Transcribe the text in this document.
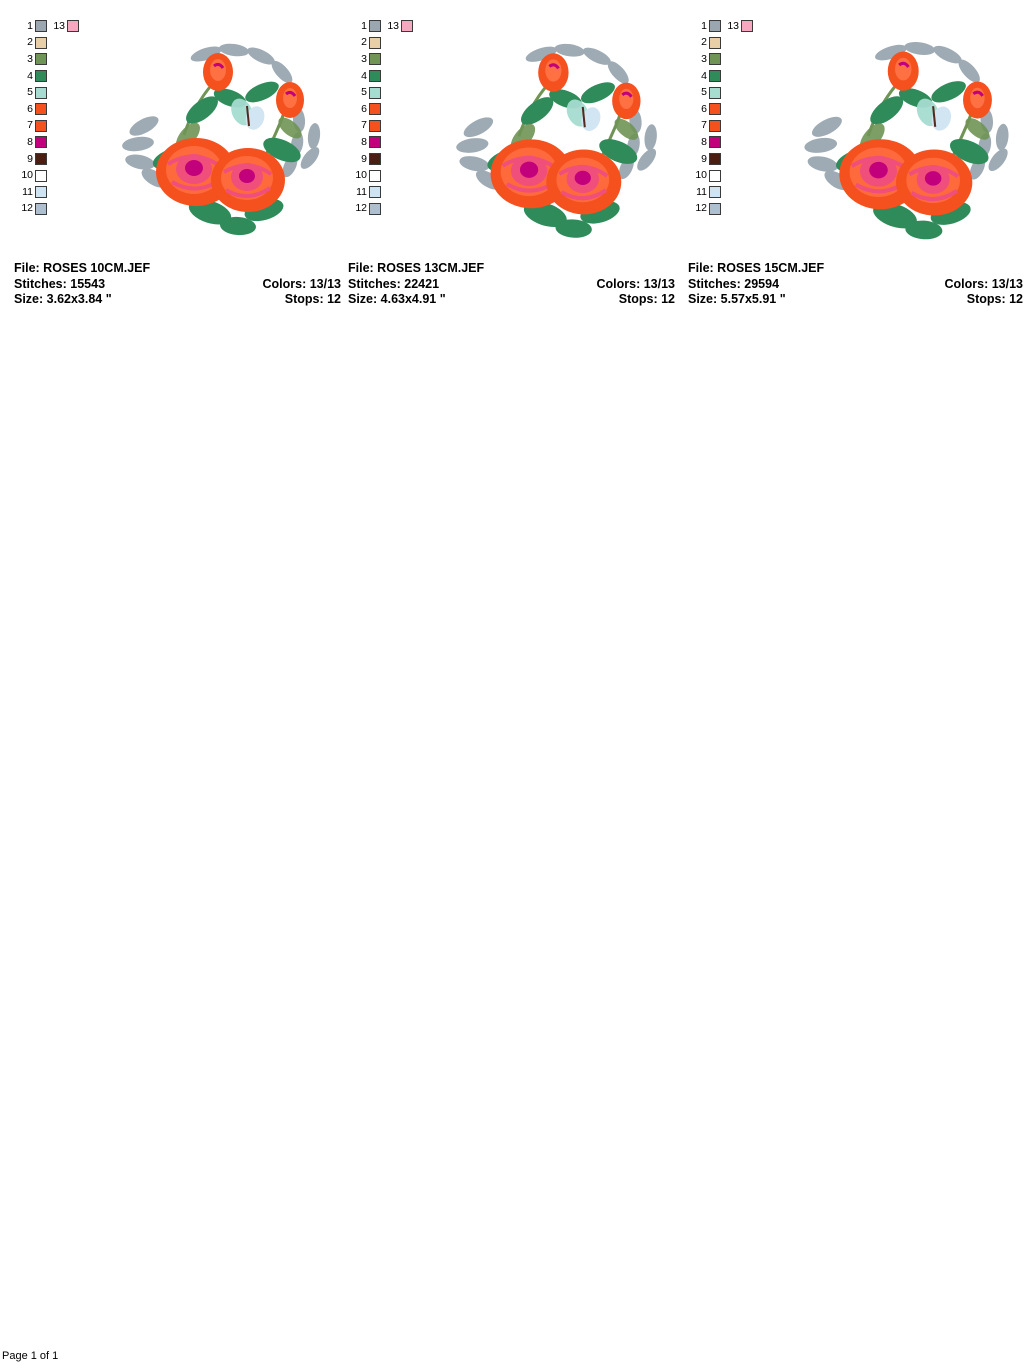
1	13
2
3
4
5
6
7
8
9
10
11
12
File: ROSES 10CM.JEF
Stitches: 15543	Colors: 13/13
Size: 3.62x3.84 "	Stops: 12
1	13
2
3
4
5
6
7
8
9
10
11
12
File: ROSES 13CM.JEF
Stitches: 22421	Colors: 13/13
Size: 4.63x4.91 "	Stops: 12
1	13
2
3
4
5
6
7
8
9
10
11
12
File: ROSES 15CM.JEF
Stitches: 29594	Colors: 13/13
Size: 5.57x5.91 "	Stops: 12
Page 1 of 1
